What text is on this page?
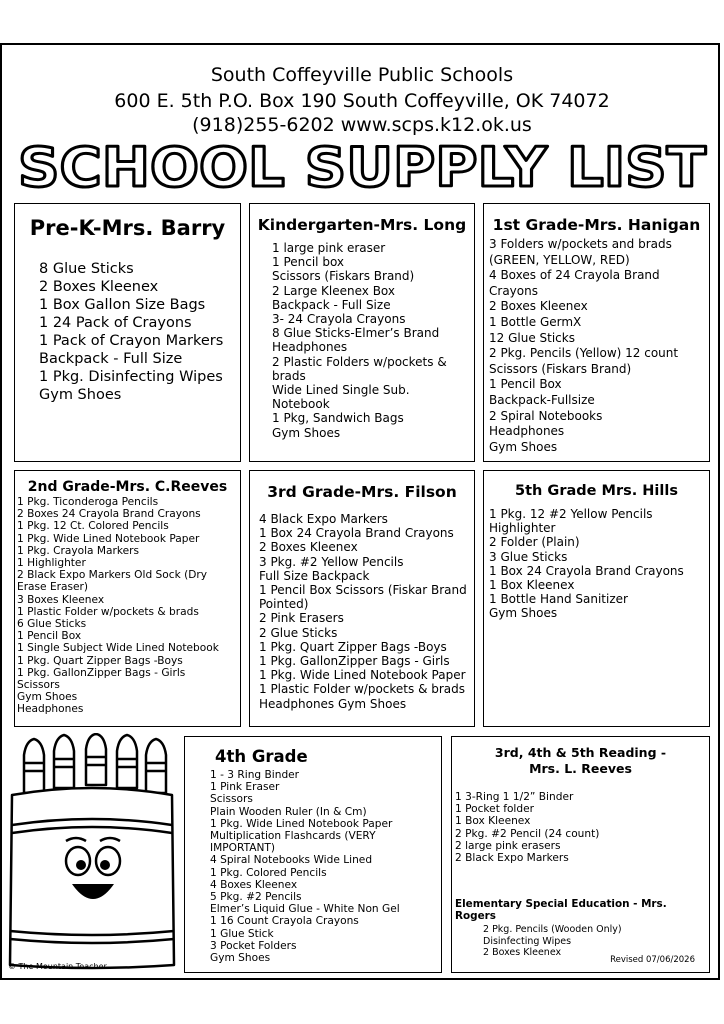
South Coffeyville Public Schools
600 E. 5th P.O. Box 190 South Coffeyville, OK 74072
(918)255-6202 www.scps.k12.ok.us
SCHOOL SUPPLY LIST
Pre-K-Mrs. Barry
8 Glue Sticks
2 Boxes Kleenex
1 Box Gallon Size Bags
1 24 Pack of Crayons
1 Pack of Crayon Markers
Backpack - Full Size
1 Pkg. Disinfecting Wipes
Gym Shoes
Kindergarten-Mrs. Long
1 large pink eraser
1 Pencil box
Scissors (Fiskars Brand)
2 Large Kleenex Box
Backpack - Full Size
3- 24 Crayola Crayons
8 Glue Sticks-Elmer’s Brand
Headphones
2 Plastic Folders w/pockets &
brads
Wide Lined Single Sub.
Notebook
1 Pkg, Sandwich Bags
Gym Shoes
1st Grade-Mrs. Hanigan
3 Folders w/pockets and brads
(GREEN, YELLOW, RED)
4 Boxes of 24 Crayola Brand
Crayons
2 Boxes Kleenex
1 Bottle GermX
12 Glue Sticks
2 Pkg. Pencils (Yellow) 12 count
Scissors (Fiskars Brand)
1 Pencil Box
Backpack-Fullsize
2 Spiral Notebooks
Headphones
Gym Shoes
2nd Grade-Mrs. C.Reeves
1 Pkg. Ticonderoga Pencils
2 Boxes 24 Crayola Brand Crayons
1 Pkg. 12 Ct. Colored Pencils
1 Pkg. Wide Lined Notebook Paper
1 Pkg. Crayola Markers
1 Highlighter
2 Black Expo Markers Old Sock (Dry
Erase Eraser)
3 Boxes Kleenex
1 Plastic Folder w/pockets & brads
6 Glue Sticks
1 Pencil Box
1 Single Subject Wide Lined Notebook
1 Pkg. Quart Zipper Bags -Boys
1 Pkg. GallonZipper Bags - Girls
Scissors
Gym Shoes
Headphones
3rd Grade-Mrs. Filson
4 Black Expo Markers
1 Box 24 Crayola Brand Crayons
2 Boxes Kleenex
3 Pkg. #2 Yellow Pencils
Full Size Backpack
1 Pencil Box Scissors (Fiskar Brand
Pointed)
2 Pink Erasers
2 Glue Sticks
1 Pkg. Quart Zipper Bags -Boys
1 Pkg. GallonZipper Bags - Girls
1 Pkg. Wide Lined Notebook Paper
1 Plastic Folder w/pockets & brads
Headphones Gym Shoes
5th Grade Mrs. Hills
1 Pkg. 12 #2 Yellow Pencils
Highlighter
2 Folder (Plain)
3 Glue Sticks
1 Box 24 Crayola Brand Crayons
1 Box Kleenex
1 Bottle Hand Sanitizer
Gym Shoes
© The Mountain Teacher
4th Grade
1 - 3 Ring Binder
1 Pink Eraser
Scissors
Plain Wooden Ruler (In & Cm)
1 Pkg. Wide Lined Notebook Paper
Multiplication Flashcards (VERY
IMPORTANT)
4 Spiral Notebooks Wide Lined
1 Pkg. Colored Pencils
4 Boxes Kleenex
5 Pkg. #2 Pencils
Elmer’s Liquid Glue - White Non Gel
1 16 Count Crayola Crayons
1 Glue Stick
3 Pocket Folders
Gym Shoes
3rd, 4th & 5th Reading -
Mrs. L. Reeves
1 3-Ring 1 1/2” Binder
1 Pocket folder
1 Box Kleenex
2 Pkg. #2 Pencil (24 count)
2 large pink erasers
2 Black Expo Markers
Elementary Special Education - Mrs. Rogers
2 Pkg. Pencils (Wooden Only)
Disinfecting Wipes
2 Boxes Kleenex
Revised 07/06/2026
